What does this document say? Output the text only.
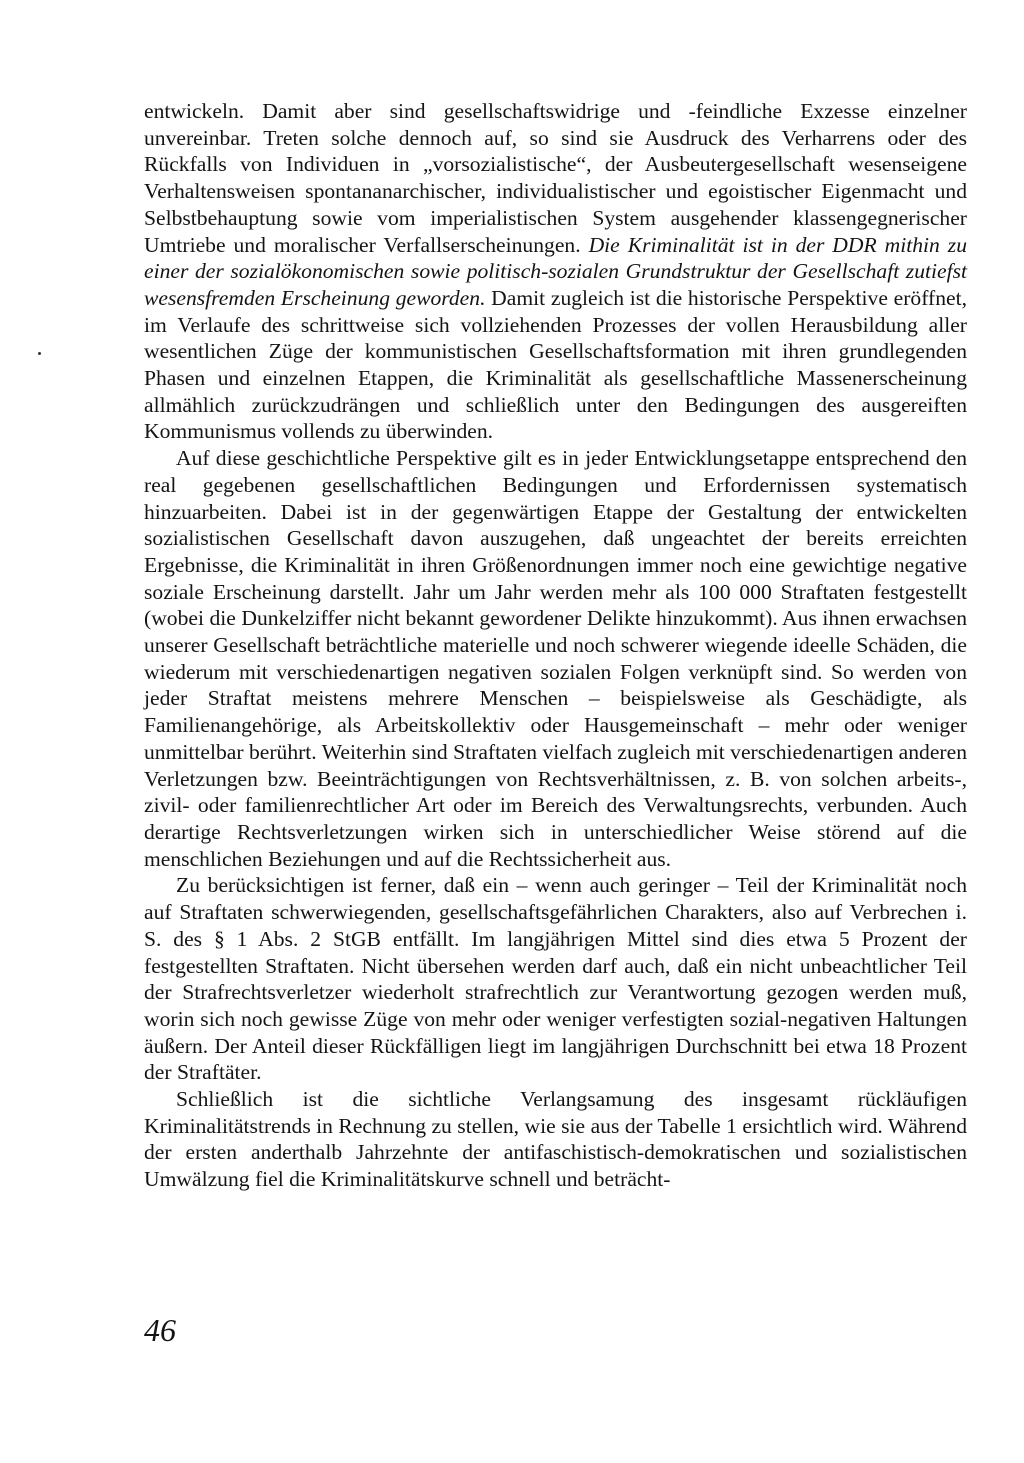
entwickeln. Damit aber sind gesellschaftswidrige und -feindliche Exzesse einzelner unvereinbar. Treten solche dennoch auf, so sind sie Ausdruck des Verharrens oder des Rückfalls von Individuen in „vorsozialistische“, der Ausbeutergesellschaft wesenseigene Verhaltensweisen spontananarchischer, individualistischer und egoistischer Eigenmacht und Selbstbehauptung sowie vom imperialistischen System ausgehender klassengegnerischer Umtriebe und moralischer Verfallserscheinungen. Die Kriminalität ist in der DDR mithin zu einer der sozialökonomischen sowie politisch-sozialen Grundstruktur der Gesellschaft zutiefst wesensfremden Erscheinung geworden. Damit zugleich ist die historische Perspektive eröffnet, im Verlaufe des schrittweise sich vollziehenden Prozesses der vollen Herausbildung aller wesentlichen Züge der kommunistischen Gesellschaftsformation mit ihren grundlegenden Phasen und einzelnen Etappen, die Kriminalität als gesellschaftliche Massenerscheinung allmählich zurückzudrängen und schließlich unter den Bedingungen des ausgereiften Kommunismus vollends zu überwinden.

Auf diese geschichtliche Perspektive gilt es in jeder Entwicklungsetappe entsprechend den real gegebenen gesellschaftlichen Bedingungen und Erfordernissen systematisch hinzuarbeiten. Dabei ist in der gegenwärtigen Etappe der Gestaltung der entwickelten sozialistischen Gesellschaft davon auszugehen, daß ungeachtet der bereits erreichten Ergebnisse, die Kriminalität in ihren Größenordnungen immer noch eine gewichtige negative soziale Erscheinung darstellt. Jahr um Jahr werden mehr als 100 000 Straftaten festgestellt (wobei die Dunkelziffer nicht bekannt gewordener Delikte hinzukommt). Aus ihnen erwachsen unserer Gesellschaft beträchtliche materielle und noch schwerer wiegende ideelle Schäden, die wiederum mit verschiedenartigen negativen sozialen Folgen verknüpft sind. So werden von jeder Straftat meistens mehrere Menschen – beispielsweise als Geschädigte, als Familienangehörige, als Arbeitskollektiv oder Hausgemeinschaft – mehr oder weniger unmittelbar berührt. Weiterhin sind Straftaten vielfach zugleich mit verschiedenartigen anderen Verletzungen bzw. Beeinträchtigungen von Rechtsverhältnissen, z. B. von solchen arbeits-, zivil- oder familienrechtlicher Art oder im Bereich des Verwaltungsrechts, verbunden. Auch derartige Rechtsverletzungen wirken sich in unterschiedlicher Weise störend auf die menschlichen Beziehungen und auf die Rechtssicherheit aus.

Zu berücksichtigen ist ferner, daß ein – wenn auch geringer – Teil der Kriminalität noch auf Straftaten schwerwiegenden, gesellschaftsgefährlichen Charakters, also auf Verbrechen i. S. des § 1 Abs. 2 StGB entfällt. Im langjährigen Mittel sind dies etwa 5 Prozent der festgestellten Straftaten. Nicht übersehen werden darf auch, daß ein nicht unbeachtlicher Teil der Strafrechtsverletzer wiederholt strafrechtlich zur Verantwortung gezogen werden muß, worin sich noch gewisse Züge von mehr oder weniger verfestigten sozial-negativen Haltungen äußern. Der Anteil dieser Rückfälligen liegt im langjährigen Durchschnitt bei etwa 18 Prozent der Straftäter.

Schließlich ist die sichtliche Verlangsamung des insgesamt rückläufigen Kriminalitätstrends in Rechnung zu stellen, wie sie aus der Tabelle 1 ersichtlich wird. Während der ersten anderthalb Jahrzehnte der antifaschistisch-demokratischen und sozialistischen Umwälzung fiel die Kriminalitätskurve schnell und beträcht-

46
